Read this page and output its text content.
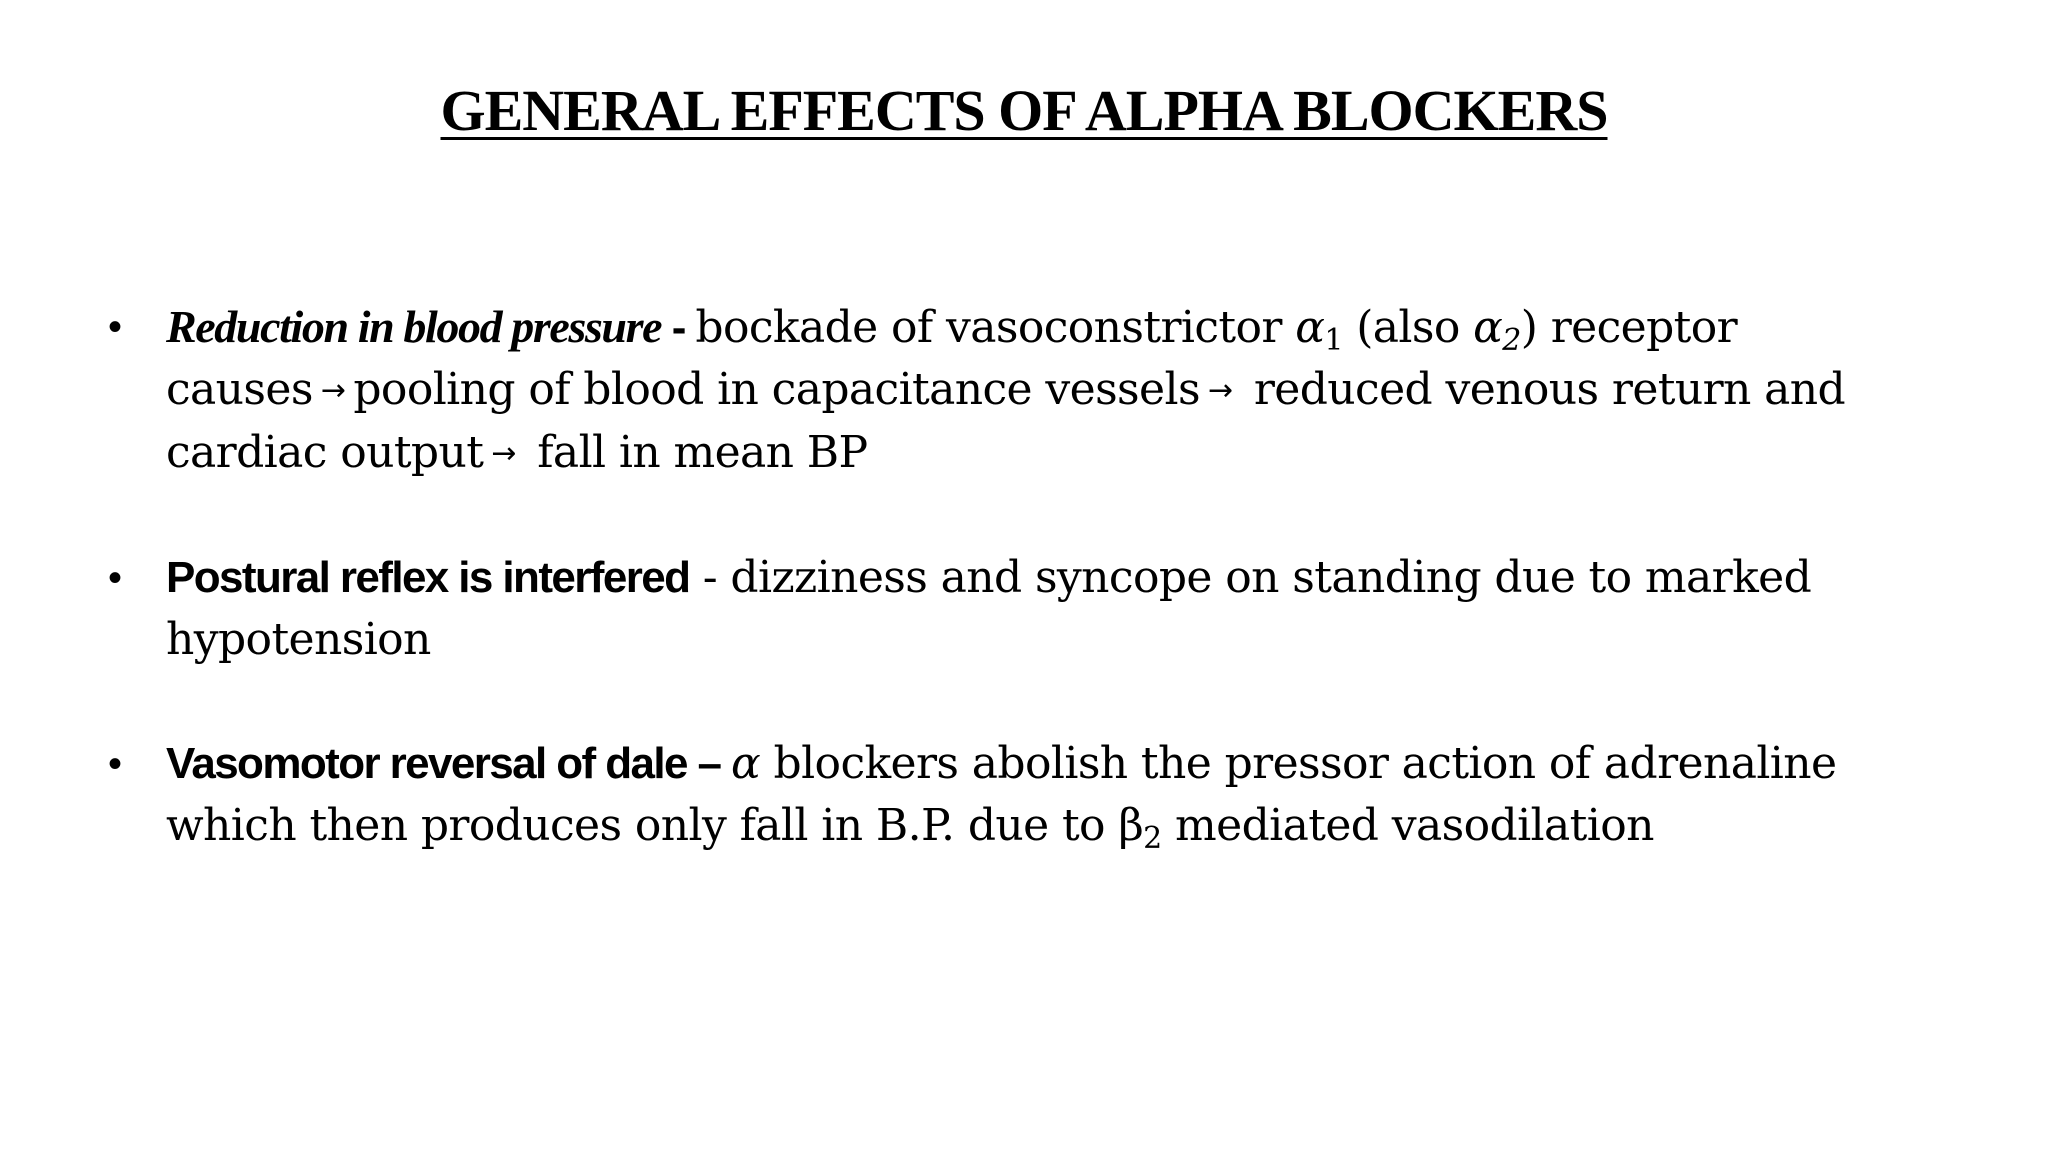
GENERAL EFFECTS OF ALPHA BLOCKERS
• Reduction in blood pressure - bockade of vasoconstrictor $\alpha_1$ (also $\alpha_2$) receptor causes → pooling of blood in capacitance vessels → reduced venous return and cardiac output → fall in mean BP
• Postural reflex is interfered - dizziness and syncope on standing due to marked hypotension
• Vasomotor reversal of dale – α blockers abolish the pressor action of adrenaline which then produces only fall in B.P. due to $\beta_2$ mediated vasodilation
